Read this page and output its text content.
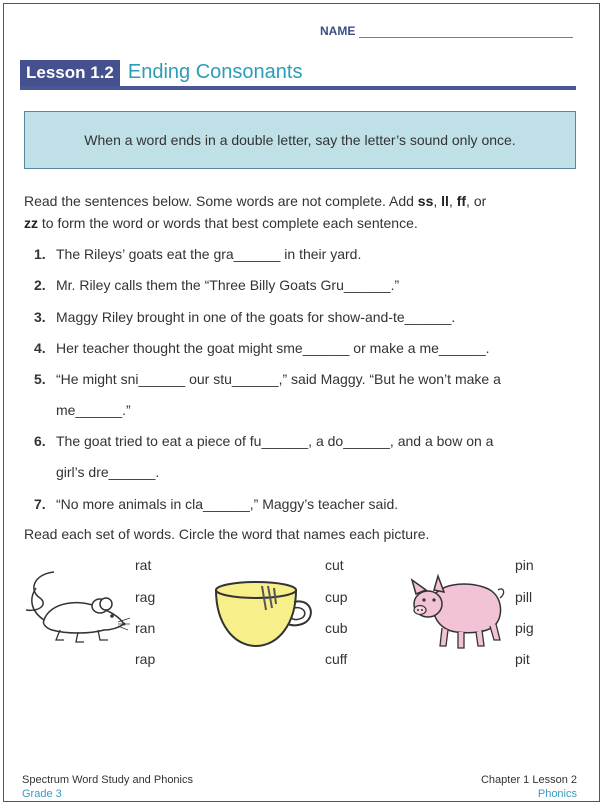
NAME
Lesson 1.2 Ending Consonants
When a word ends in a double letter, say the letter’s sound only once.
Read the sentences below. Some words are not complete. Add ss, ll, ff, or
zz to form the word or words that best complete each sentence.
1. The Rileys’ goats eat the gra______ in their yard.
2. Mr. Riley calls them the “Three Billy Goats Gru______.”
3. Maggy Riley brought in one of the goats for show-and-te______.
4. Her teacher thought the goat might sme______ or make a me______.
5. “He might sni______ our stu______,” said Maggy. “But he won’t make a
me______.”
6. The goat tried to eat a piece of fu______, a do______, and a bow on a
girl’s dre______.
7. “No more animals in cla______,” Maggy’s teacher said.
Read each set of words. Circle the word that names each picture.
rat
rag
ran
rap
cut
cup
cub
cuff
pin
pill
pig
pit
Spectrum Word Study and Phonics
Grade 3
Chapter 1 Lesson 2
Phonics
